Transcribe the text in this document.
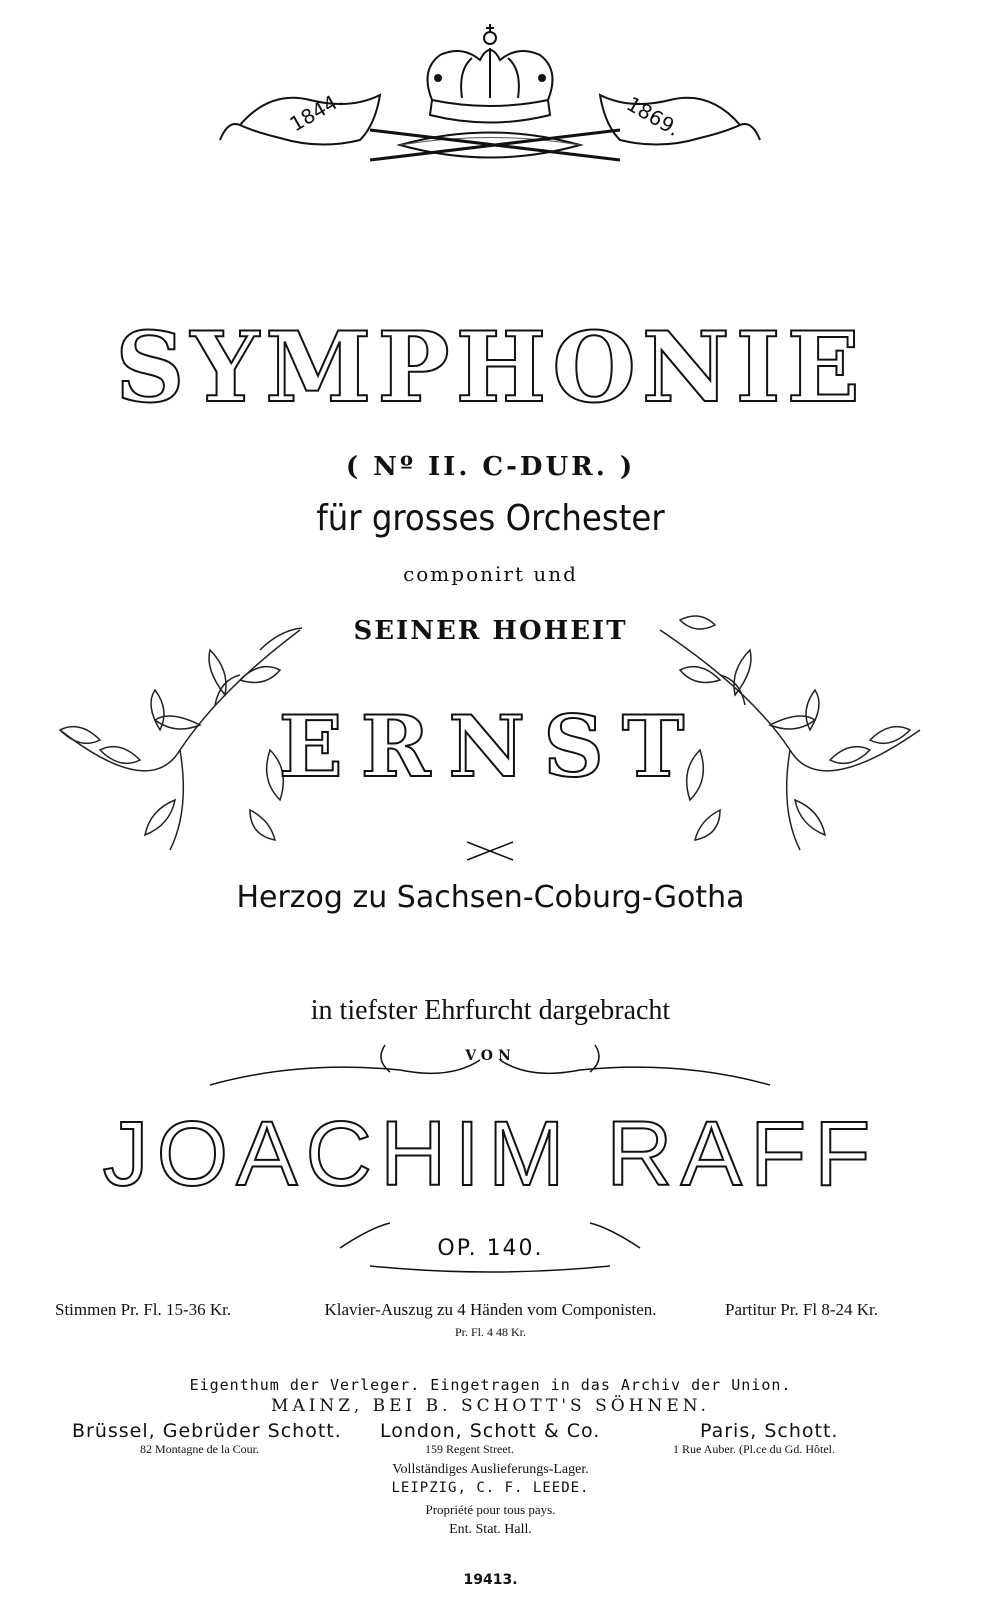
1844.	1869.
SYMPHONIE
( Nº II. C-DUR. )
für grosses Orchester
componirt und
SEINER HOHEIT
ERNST
Herzog zu Sachsen-Coburg-Gotha
in tiefster Ehrfurcht dargebracht
VON
JOACHIM RAFF
OP. 140.
Stimmen Pr. Fl. 15-36 Kr.	Klavier-Auszug zu 4 Händen vom Componisten.
Pr. Fl. 4 48 Kr.
Partitur Pr. Fl 8-24 Kr.
Eigenthum der Verleger. Eingetragen in das Archiv der Union.
MAINZ, BEI B. SCHOTT'S SÖHNEN.
Brüssel, Gebrüder Schott. London, Schott & Co.	Paris, Schott.
82 Montagne de la Cour.	159 Regent Street.	1 Rue Auber. (Pl.ce du Gd. Hôtel.
Vollständiges Auslieferungs-Lager.
LEIPZIG, C. F. LEEDE.
Propriété pour tous pays.
Ent. Stat. Hall.
19413.
